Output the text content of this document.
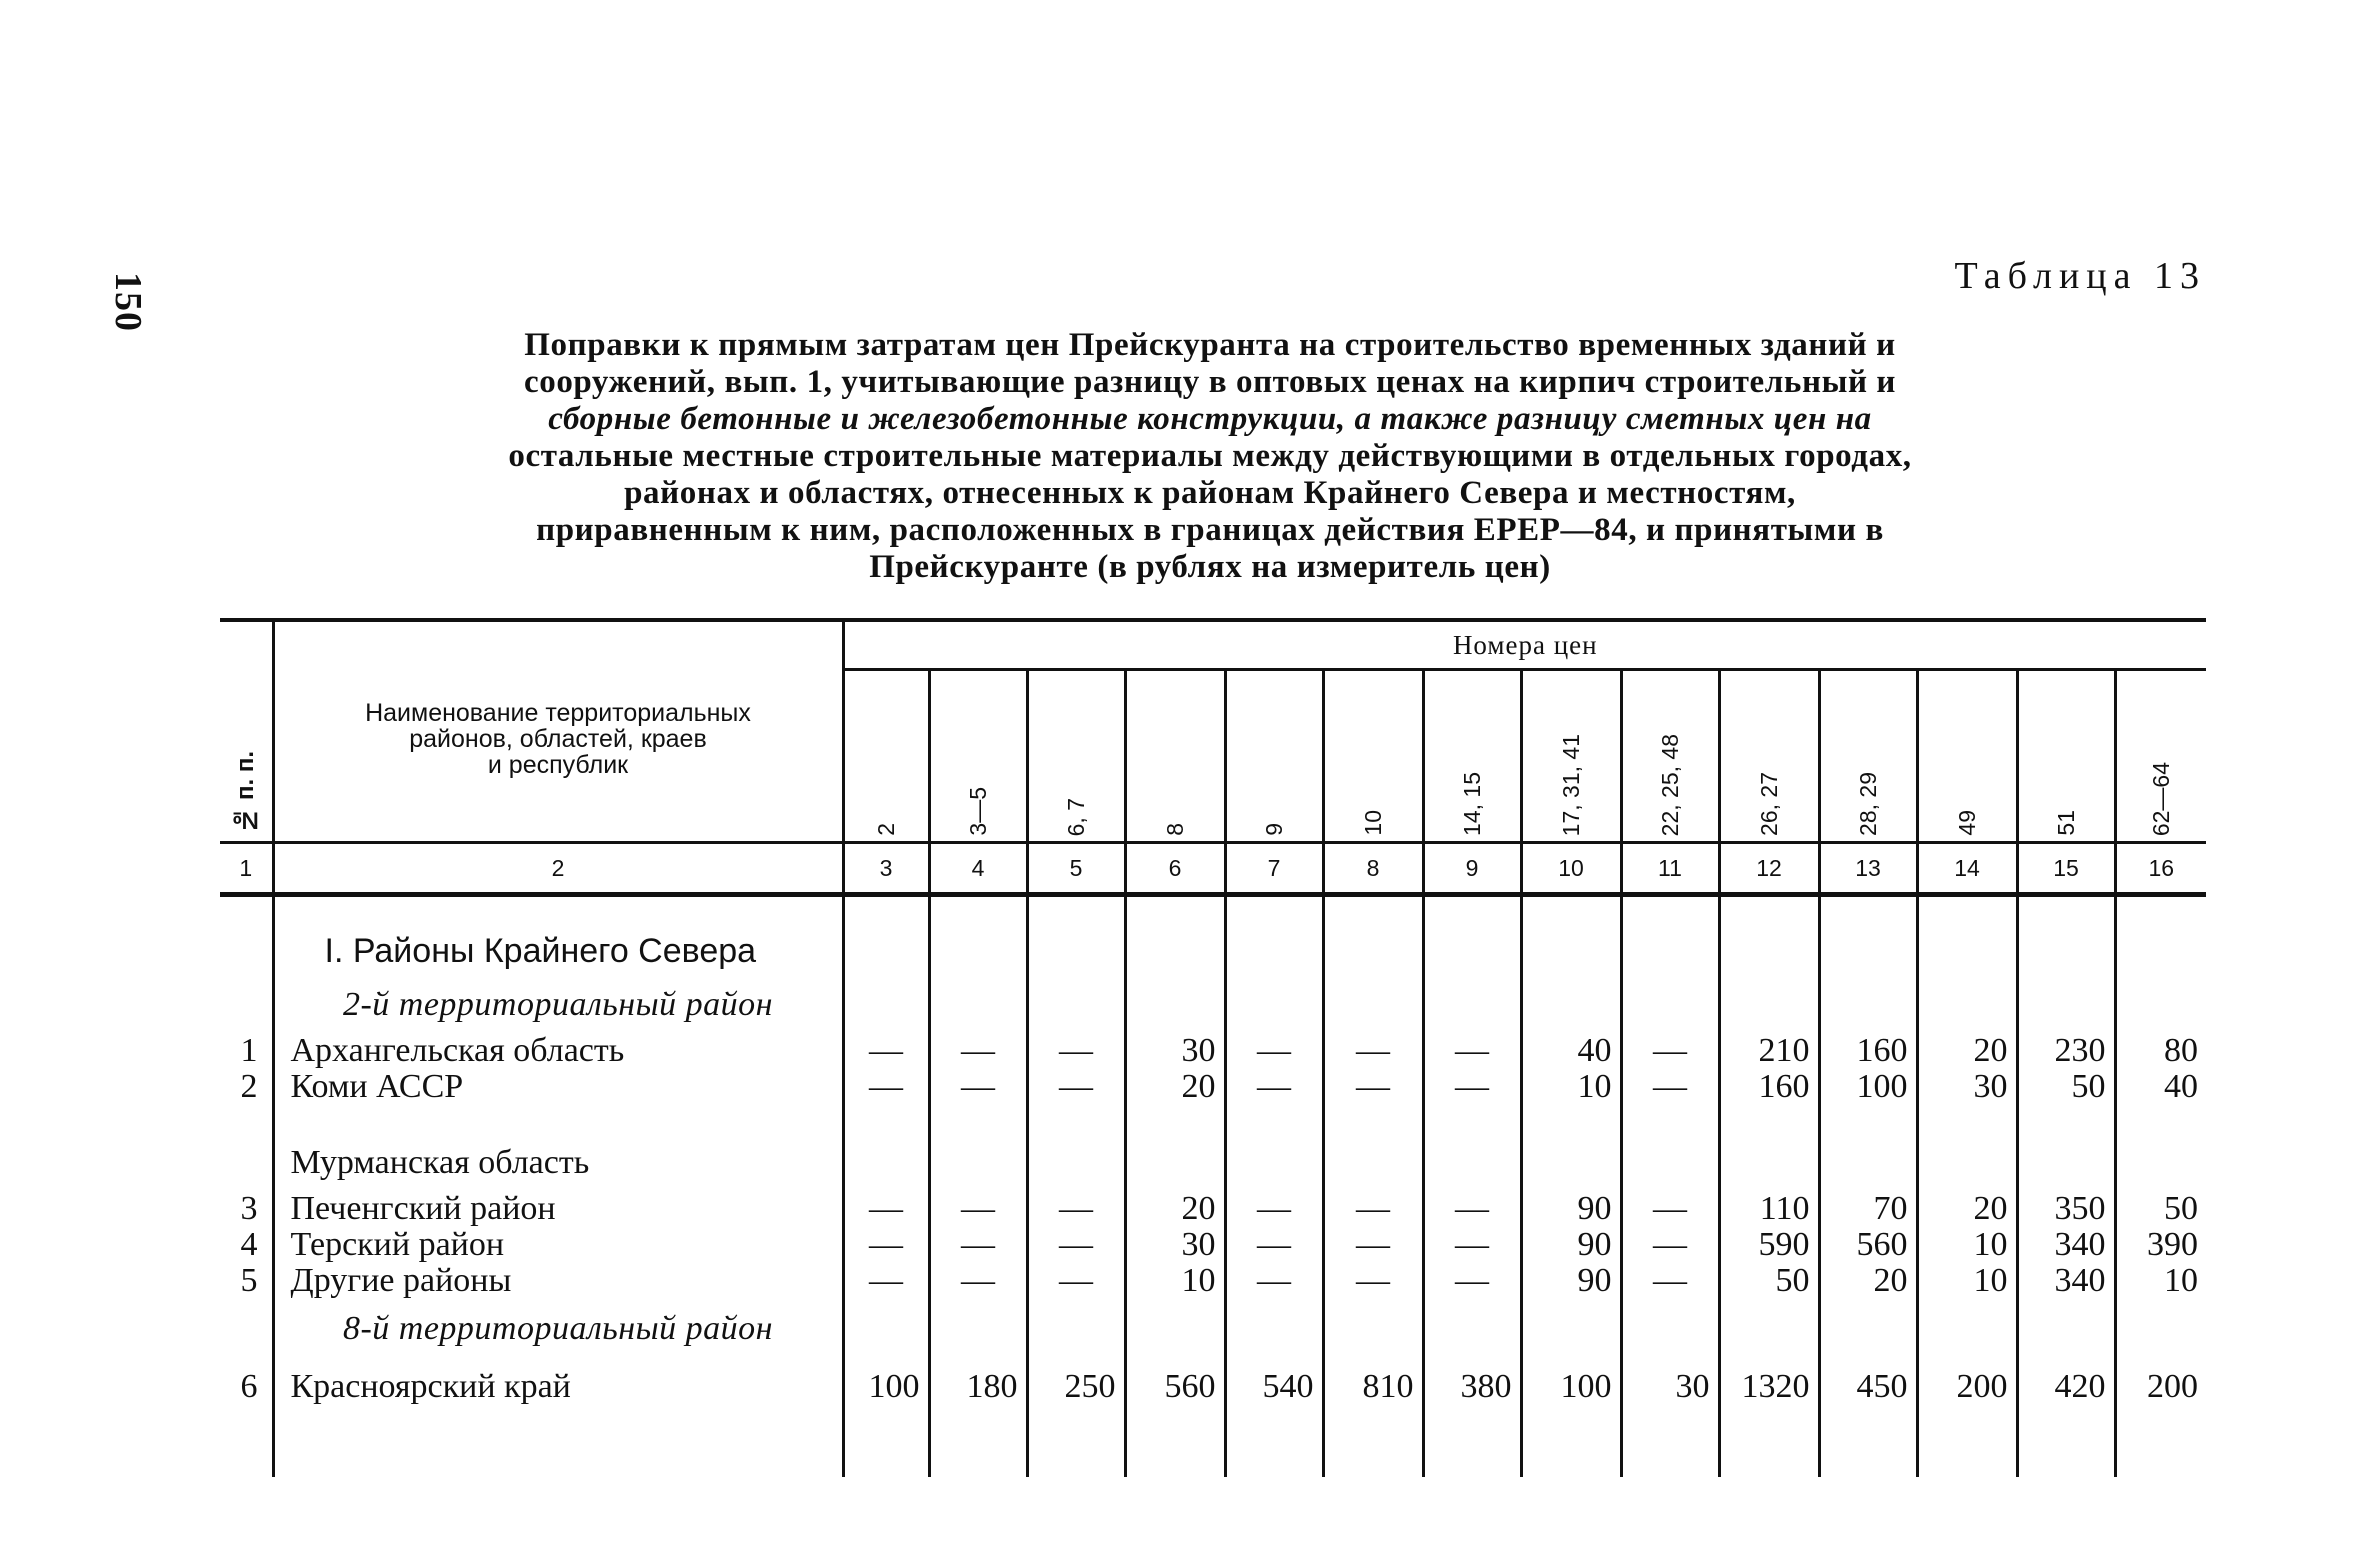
150	Таблица 13
Поправки к прямым затратам цен Прейскуранта на строительство временных зданий и
сооружений, вып. 1, учитывающие разницу в оптовых ценах на кирпич строительный и
сборные бетонные и железобетонные конструкции, а также разницу сметных цен на
остальные местные строительные материалы между действующими в отдельных городах,
районах и областях, отнесенных к районам Крайнего Севера и местностям,
приравненным к ним, расположенных в границах действия ЕРЕР—84, и принятыми в
Прейскуранте (в рублях на измеритель цен)
№ п. п.	Наименование территориальных
районов, областей, краев
и республик	Номера цен													
		2	3—5	6, 7	8	9	10	14, 15	17, 31, 41	22, 25, 48	26, 27	28, 29	49	51	62—64
1	2	3	4	5	6	7	8	9	10	11	12	13	14	15	16

	I. Районы Крайнего Севера														
	2-й территориальный район														

1	Архангельская область	—	—	—	30	—	—	—	40	—	210	160	20	230	80
2	Коми АССР	—	—	—	20	—	—	—	10	—	160	100	30	50	40

	Мурманская область														

3	Печенгский район	—	—	—	20	—	—	—	90	—	110	70	20	350	50
4	Терский район	—	—	—	30	—	—	—	90	—	590	560	10	340	390
5	Другие районы	—	—	—	10	—	—	—	90	—	50	20	10	340	10
	8-й территориальный район														

6	Красноярский край	100	180	250	560	540	810	380	100	30	1320	450	200	420	200
